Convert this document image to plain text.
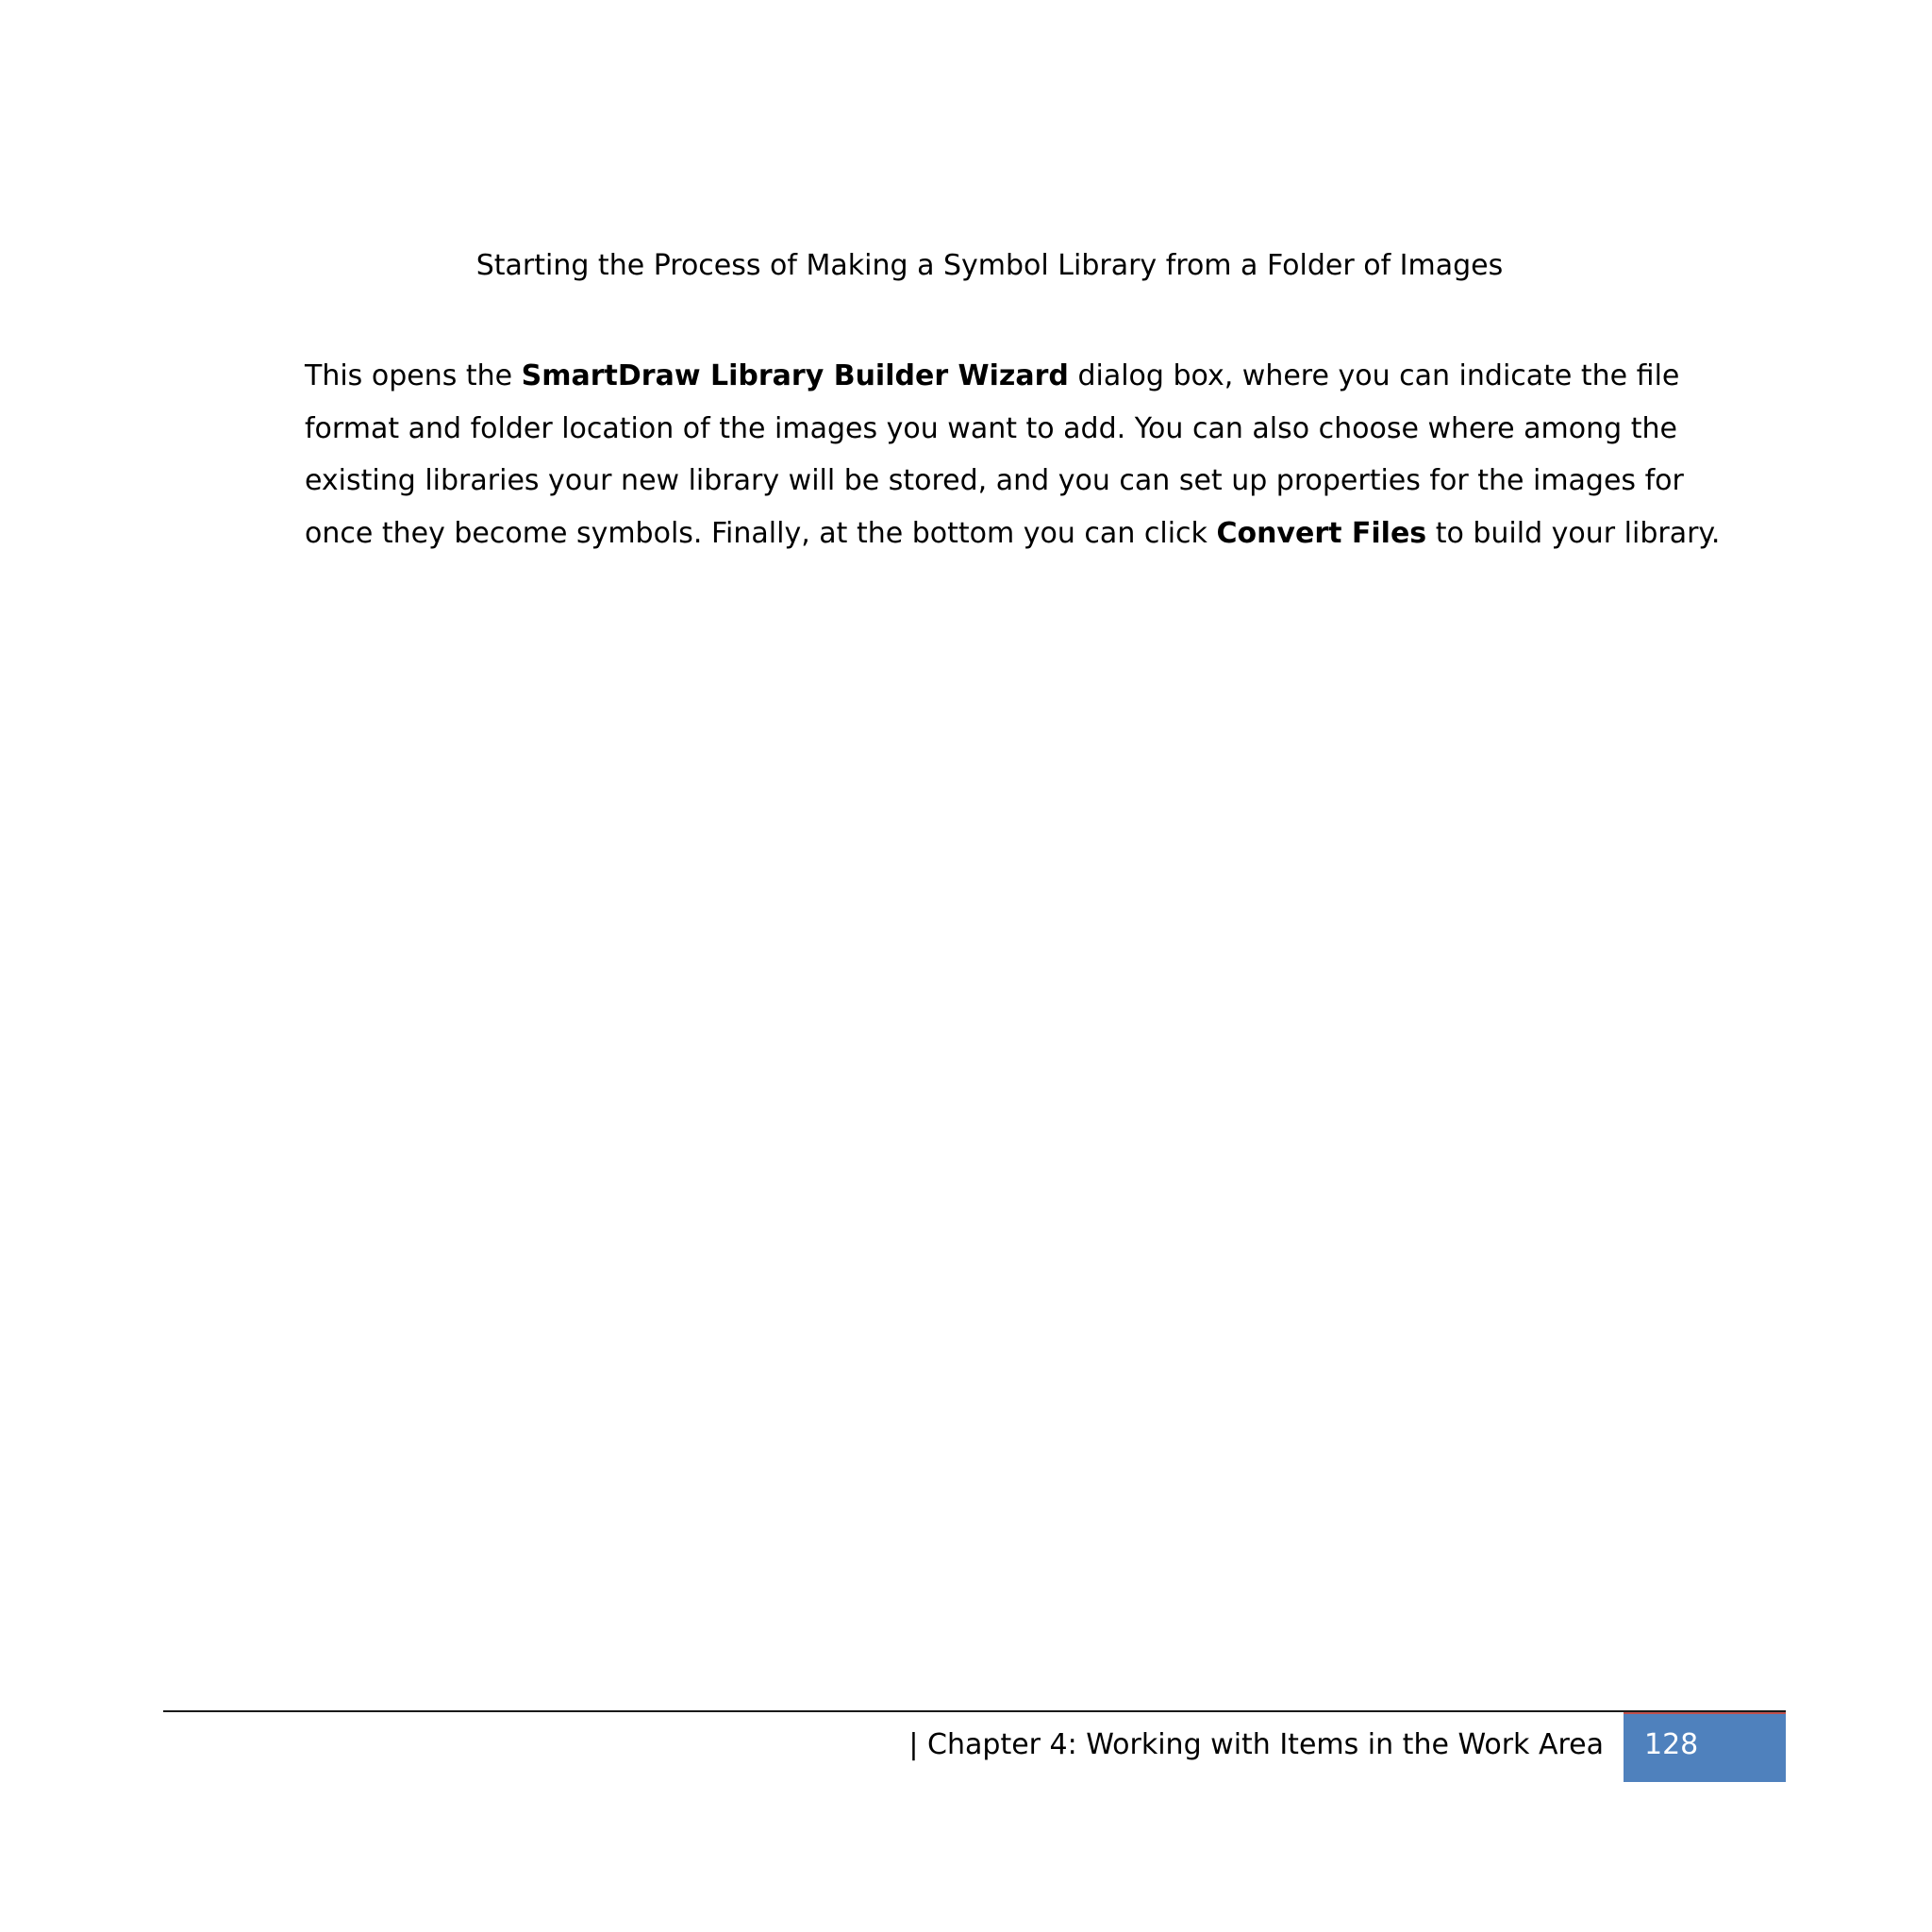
Starting the Process of Making a Symbol Library from a Folder of Images

This opens the SmartDraw Library Builder Wizard dialog box, where you can indicate the file format and folder location of the images you want to add. You can also choose where among the existing libraries your new library will be stored, and you can set up properties for the images for once they become symbols. Finally, at the bottom you can click Convert Files to build your library.

| Chapter 4: Working with Items in the Work Area 128
